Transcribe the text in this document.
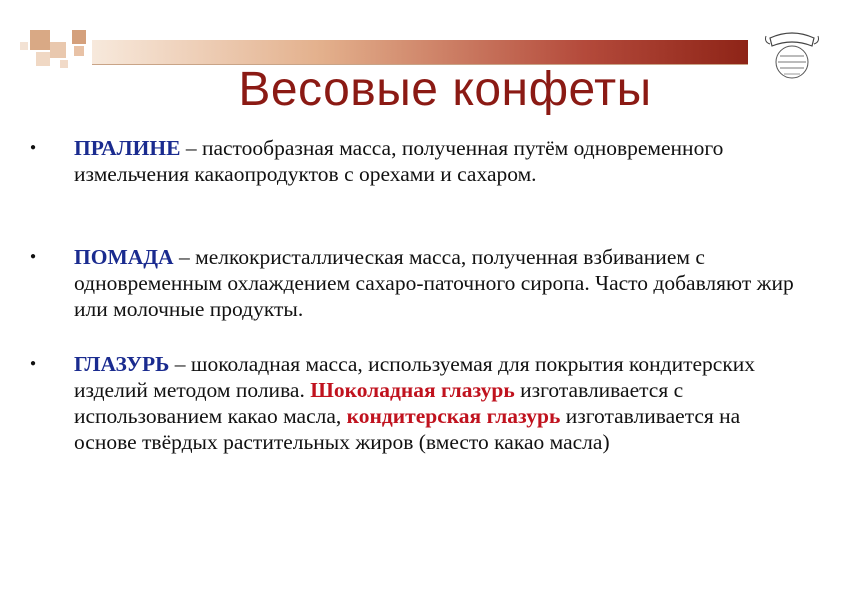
Весовые конфеты
● ПРАЛИНЕ – пастообразная масса, полученная путём одновременного измельчения какаопродуктов с орехами и сахаром.
● ПОМАДА – мелкокристаллическая масса, полученная взбиванием с одновременным охлаждением сахаро-паточного сиропа. Часто добавляют жир или молочные продукты.
● ГЛАЗУРЬ – шоколадная масса, используемая для покрытия кондитерских изделий методом полива. Шоколадная глазурь изготавливается с использованием какао масла, кондитерская глазурь изготавливается на основе твёрдых растительных жиров (вместо какао масла)
